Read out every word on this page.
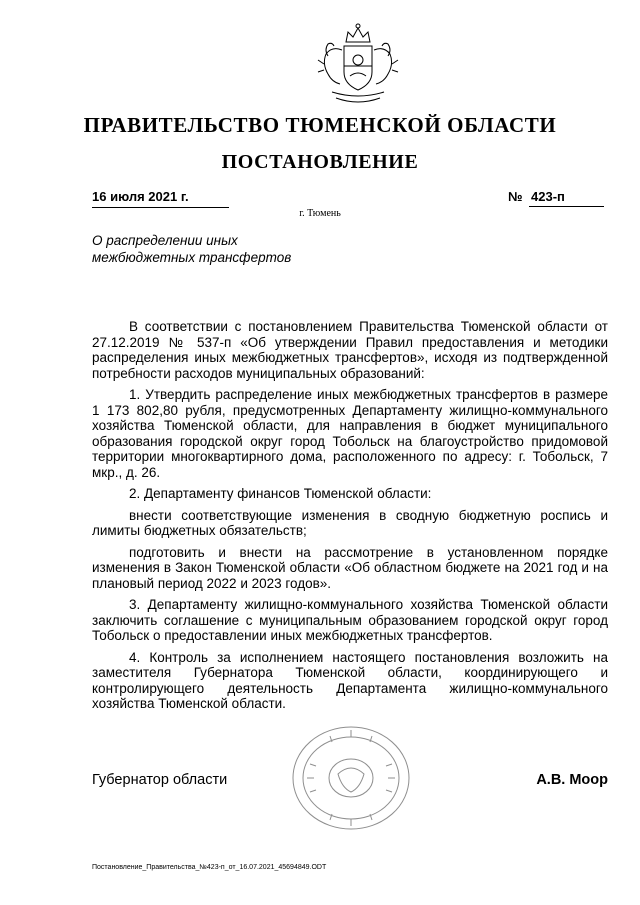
ПРАВИТЕЛЬСТВО ТЮМЕНСКОЙ ОБЛАСТИ
ПОСТАНОВЛЕНИЕ
16 июля 2021 г.	№ 423-п
г. Тюмень
О распределении иных
межбюджетных трансфертов

В соответствии с постановлением Правительства Тюменской области от 27.12.2019 № 537-п «Об утверждении Правил предоставления и методики распределения иных межбюджетных трансфертов», исходя из подтвержденной потребности расходов муниципальных образований:

1. Утвердить распределение иных межбюджетных трансфертов в размере 1 173 802,80 рубля, предусмотренных Департаменту жилищно-коммунального хозяйства Тюменской области, для направления в бюджет муниципального образования городской округ город Тобольск на благоустройство придомовой территории многоквартирного дома, расположенного по адресу: г. Тобольск, 7 мкр., д. 26.

2. Департаменту финансов Тюменской области:

внести соответствующие изменения в сводную бюджетную роспись и лимиты бюджетных обязательств;

подготовить и внести на рассмотрение в установленном порядке изменения в Закон Тюменской области «Об областном бюджете на 2021 год и на плановый период 2022 и 2023 годов».

3. Департаменту жилищно-коммунального хозяйства Тюменской области заключить соглашение с муниципальным образованием городской округ город Тобольск о предоставлении иных межбюджетных трансфертов.

4. Контроль за исполнением настоящего постановления возложить на заместителя Губернатора Тюменской области, координирующего и контролирующего деятельность Департамента жилищно-коммунального хозяйства Тюменской области.

Губернатор области	А.В. Моор
Постановление_Правительства_№423-п_от_16.07.2021_45694849.ODT
